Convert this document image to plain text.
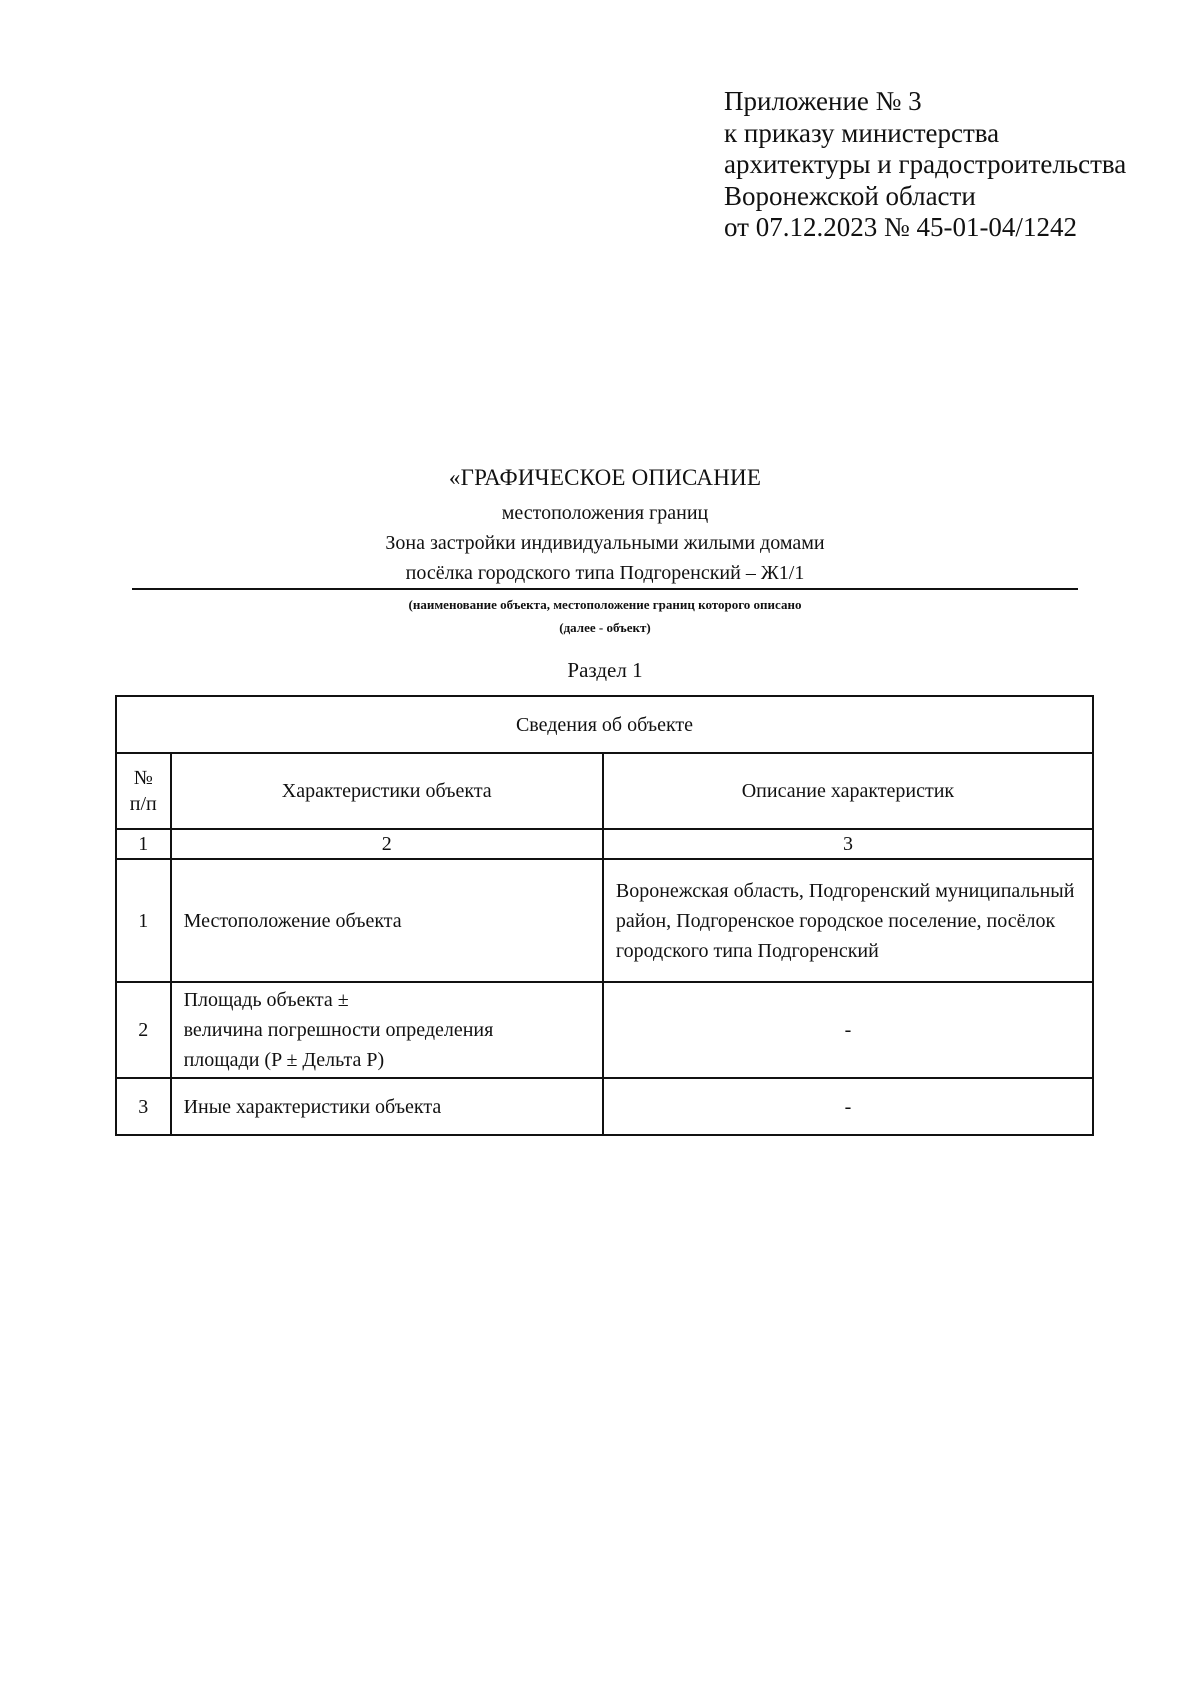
Приложение № 3
к приказу министерства
архитектуры и градостроительства
Воронежской области
от 07.12.2023 № 45-01-04/1242
«ГРАФИЧЕСКОЕ ОПИСАНИЕ
местоположения границ
Зона застройки индивидуальными жилыми домами
посёлка городского типа Подгоренский – Ж1/1
(наименование объекта, местоположение границ которого описано
(далее - объект)
Раздел 1
Сведения об объекте		

№
п/п	Характеристики объекта	Описание характеристик
1	2	3
1	Местоположение объекта	Воронежская область, Подгоренский муниципальный район, Подгоренское городское поселение, посёлок городского типа Подгоренский
2	Площадь объекта ±
величина погрешности определения
площади (P ± Дельта P)	-
3	Иные характеристики объекта	-
